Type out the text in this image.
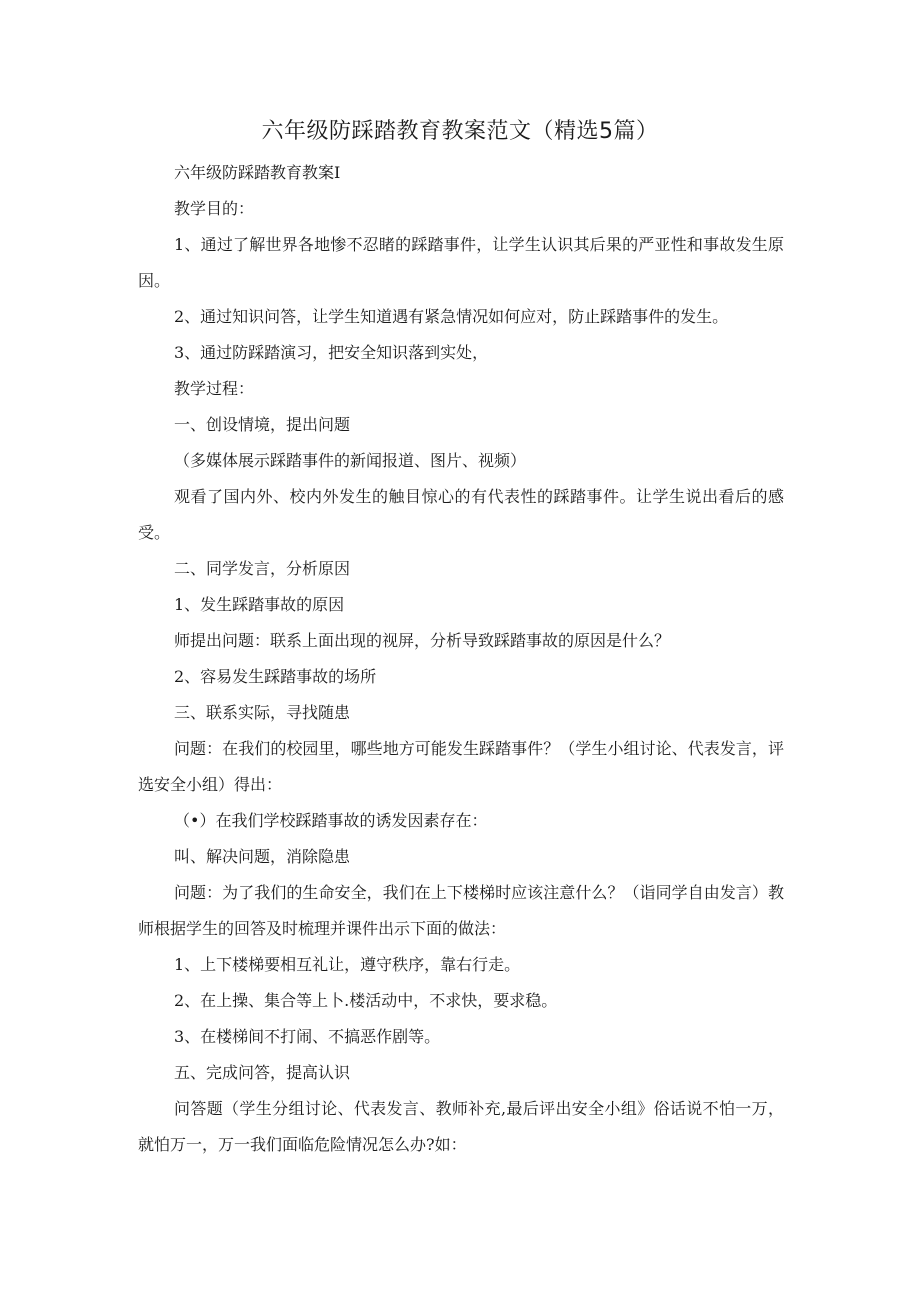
六年级防踩踏教育教案范文（精选5篇）

六年级防踩踏教育教案I

教学目的：

1、通过了解世界各地惨不忍睹的踩踏事件，让学生认识其后果的严亚性和事故发生原因。

2、通过知识问答，让学生知道遇有紧急情况如何应对，防止踩踏事件的发生。

3、通过防踩踏演习，把安全知识落到实处，

教学过程：

一、创设情境，提出问题

（多媒体展示踩踏事件的新闻报道、图片、视频）

观看了国内外、校内外发生的触目惊心的有代表性的踩踏事件。让学生说出看后的感受。

二、同学发言，分析原因

1、发生踩踏事故的原因

师提出问题：联系上面出现的视屏，分析导致踩踏事故的原因是什么？

2、容易发生踩踏事故的场所

三、联系实际，寻找随患

问题：在我们的校园里，哪些地方可能发生踩踏事件？（学生小组讨论、代表发言，评选安全小组）得出：

（•）在我们学校踩踏事故的诱发因素存在：

叫、解决问题，消除隐患

问题：为了我们的生命安全，我们在上下楼梯时应该注意什么？（诣同学自由发言）教师根据学生的回答及时梳理并课件出示下面的做法：

1、上下楼梯要相互礼让，遵守秩序，靠右行走。

2、在上操、集合等上卜.楼活动中，不求快，要求稳。

3、在楼梯间不打闹、不搞恶作剧等。

五、完成问答，提高认识

问答题（学生分组讨论、代表发言、教师补充,最后评出安全小组》俗话说不怕一万，就怕万一，万一我们面临危险情况怎么办?如：
